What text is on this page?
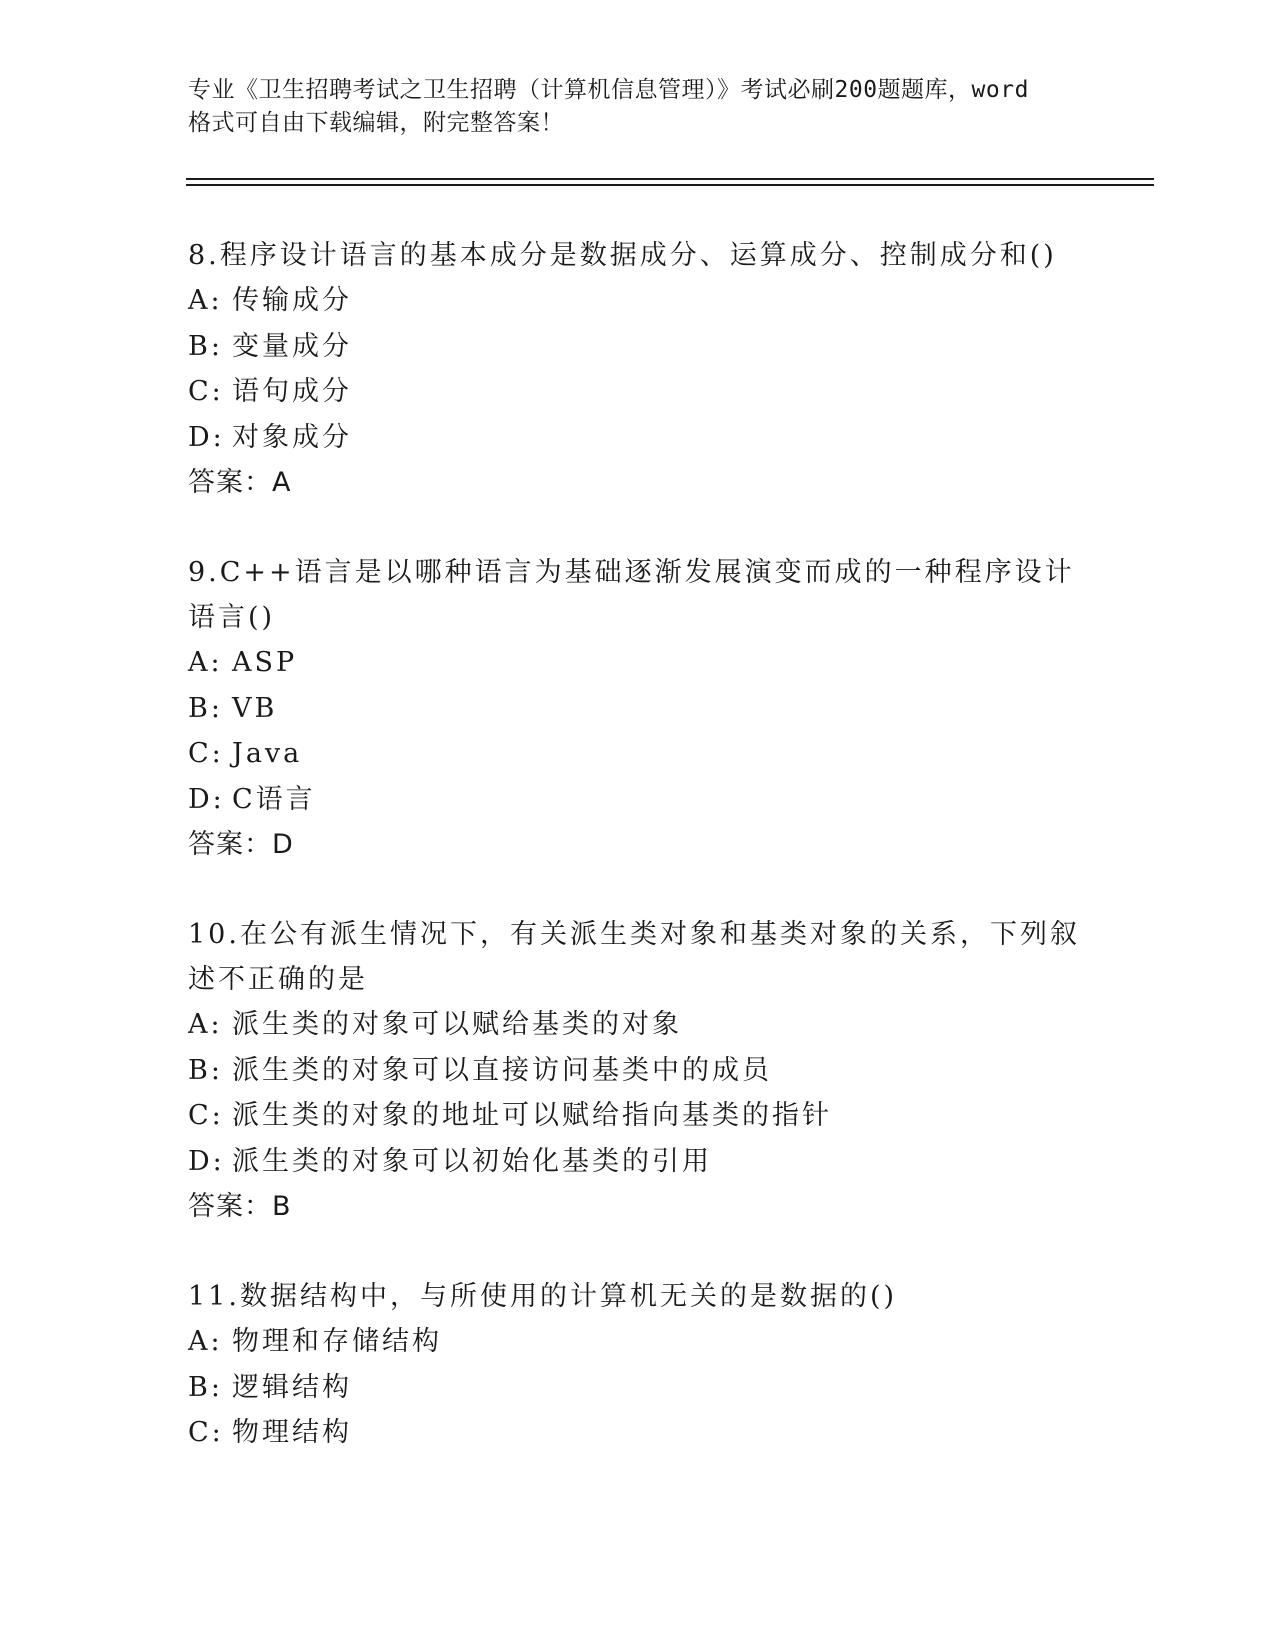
专业《卫生招聘考试之卫生招聘（计算机信息管理）》考试必刷200题题库，word
格式可自由下载编辑，附完整答案！

8.程序设计语言的基本成分是数据成分、运算成分、控制成分和()

A: 传输成分
B: 变量成分
C: 语句成分
D: 对象成分
答案：A

9.C++语言是以哪种语言为基础逐渐发展演变而成的一种程序设计语言()

A: ASP
B: VB
C: Java
D: C语言
答案：D

10.在公有派生情况下，有关派生类对象和基类对象的关系，下列叙述不正确的是

A: 派生类的对象可以赋给基类的对象
B: 派生类的对象可以直接访问基类中的成员
C: 派生类的对象的地址可以赋给指向基类的指针
D: 派生类的对象可以初始化基类的引用
答案：B

11.数据结构中，与所使用的计算机无关的是数据的()

A: 物理和存储结构
B: 逻辑结构
C: 物理结构
